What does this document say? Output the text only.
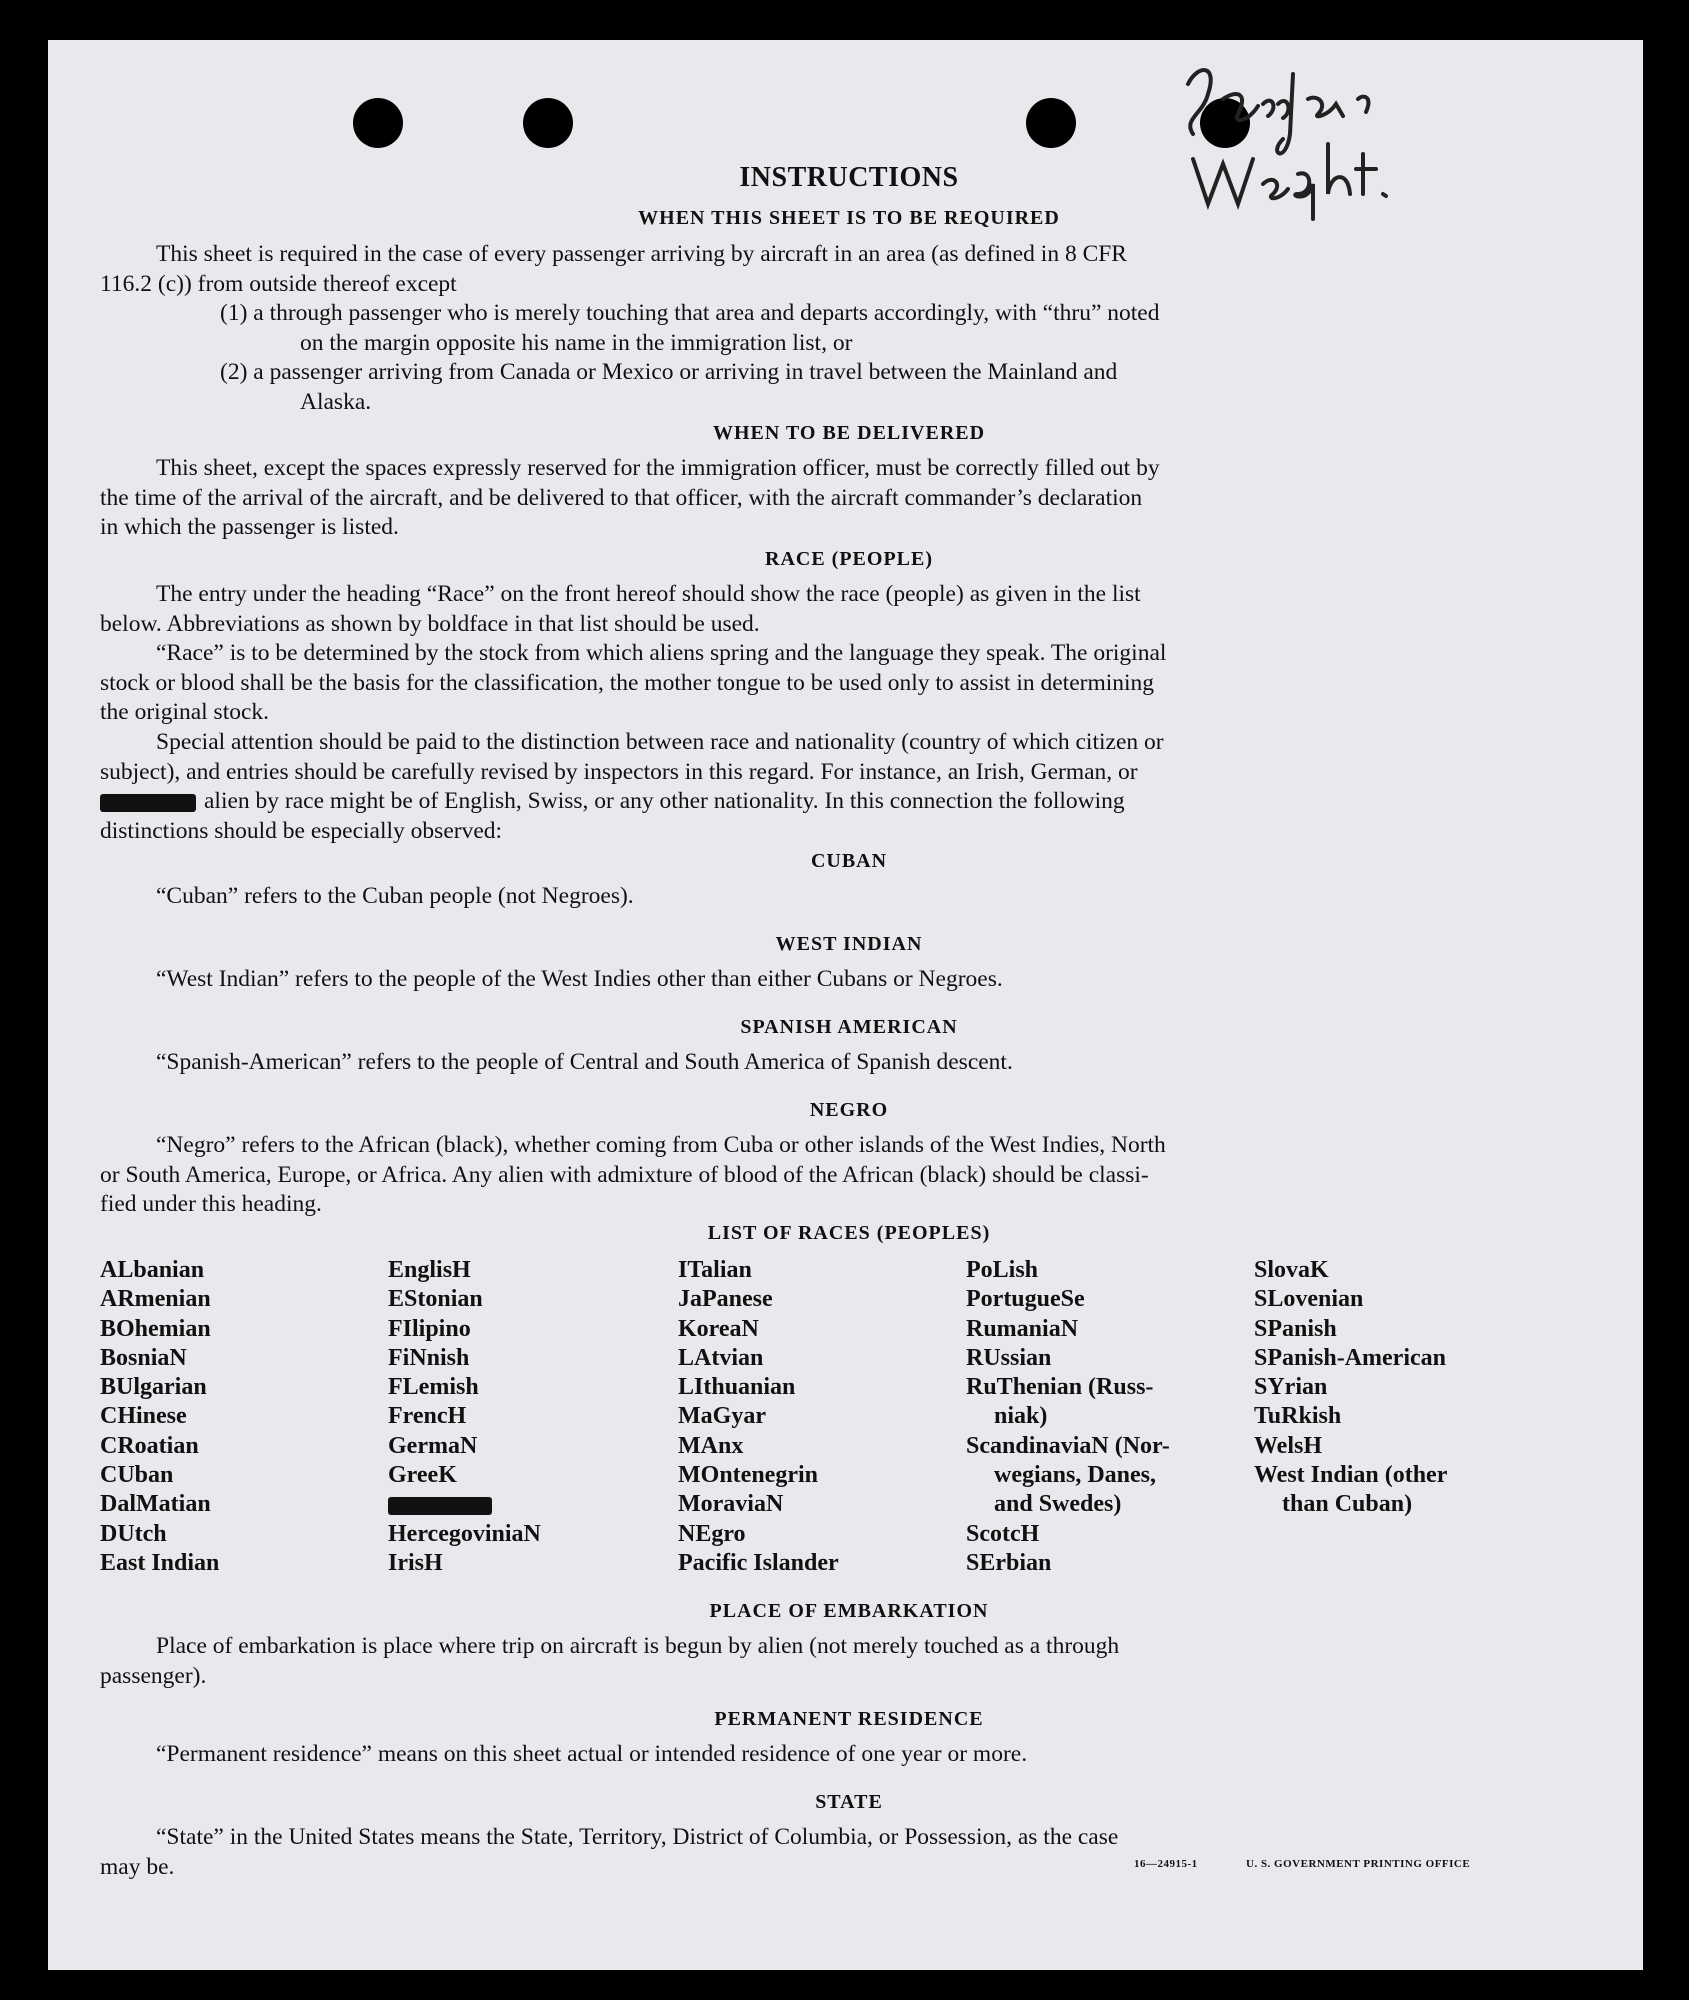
INSTRUCTIONS
WHEN THIS SHEET IS TO BE REQUIRED
This sheet is required in the case of every passenger arriving by aircraft in an area (as defined in 8 CFR
116.2 (c)) from outside thereof except
(1) a through passenger who is merely touching that area and departs accordingly, with “thru” noted
on the margin opposite his name in the immigration list, or
(2) a passenger arriving from Canada or Mexico or arriving in travel between the Mainland and
Alaska.
WHEN TO BE DELIVERED
This sheet, except the spaces expressly reserved for the immigration officer, must be correctly filled out by
the time of the arrival of the aircraft, and be delivered to that officer, with the aircraft commander’s declaration
in which the passenger is listed.
RACE (PEOPLE)
The entry under the heading “Race” on the front hereof should show the race (people) as given in the list
below. Abbreviations as shown by boldface in that list should be used.
“Race” is to be determined by the stock from which aliens spring and the language they speak. The original
stock or blood shall be the basis for the classification, the mother tongue to be used only to assist in determining
the original stock.
Special attention should be paid to the distinction between race and nationality (country of which citizen or
subject), and entries should be carefully revised by inspectors in this regard. For instance, an Irish, German, or
alien by race might be of English, Swiss, or any other nationality. In this connection the following
distinctions should be especially observed:
CUBAN
“Cuban” refers to the Cuban people (not Negroes).
WEST INDIAN
“West Indian” refers to the people of the West Indies other than either Cubans or Negroes.
SPANISH AMERICAN
“Spanish-American” refers to the people of Central and South America of Spanish descent.
NEGRO
“Negro” refers to the African (black), whether coming from Cuba or other islands of the West Indies, North
or South America, Europe, or Africa. Any alien with admixture of blood of the African (black) should be classi-
fied under this heading.
LIST OF RACES (PEOPLES)
ALbanian
ARmenian
BOhemian
BosniaN
BUlgarian
CHinese
CRoatian
CUban
DalMatian
DUtch
East Indian
EnglisH
EStonian
FIlipino
FiNnish
FLemish
FrencH
GermaN
GreeK
HercegoviniaN
IrisH
ITalian
JaPanese
KoreaN
LAtvian
LIthuanian
MaGyar
MAnx
MOntenegrin
MoraviaN
NEgro
Pacific Islander
PoLish
PortugueSe
RumaniaN
RUssian
RuThenian (Russ-
niak)
ScandinaviaN (Nor-
wegians, Danes,
and Swedes)
ScotcH
SErbian
SlovaK
SLovenian
SPanish
SPanish-American
SYrian
TuRkish
WelsH
West Indian (other
than Cuban)
PLACE OF EMBARKATION
Place of embarkation is place where trip on aircraft is begun by alien (not merely touched as a through
passenger).
PERMANENT RESIDENCE
“Permanent residence” means on this sheet actual or intended residence of one year or more.
STATE
“State” in the United States means the State, Territory, District of Columbia, or Possession, as the case
may be.	16—24915-1	U. S. GOVERNMENT PRINTING OFFICE
